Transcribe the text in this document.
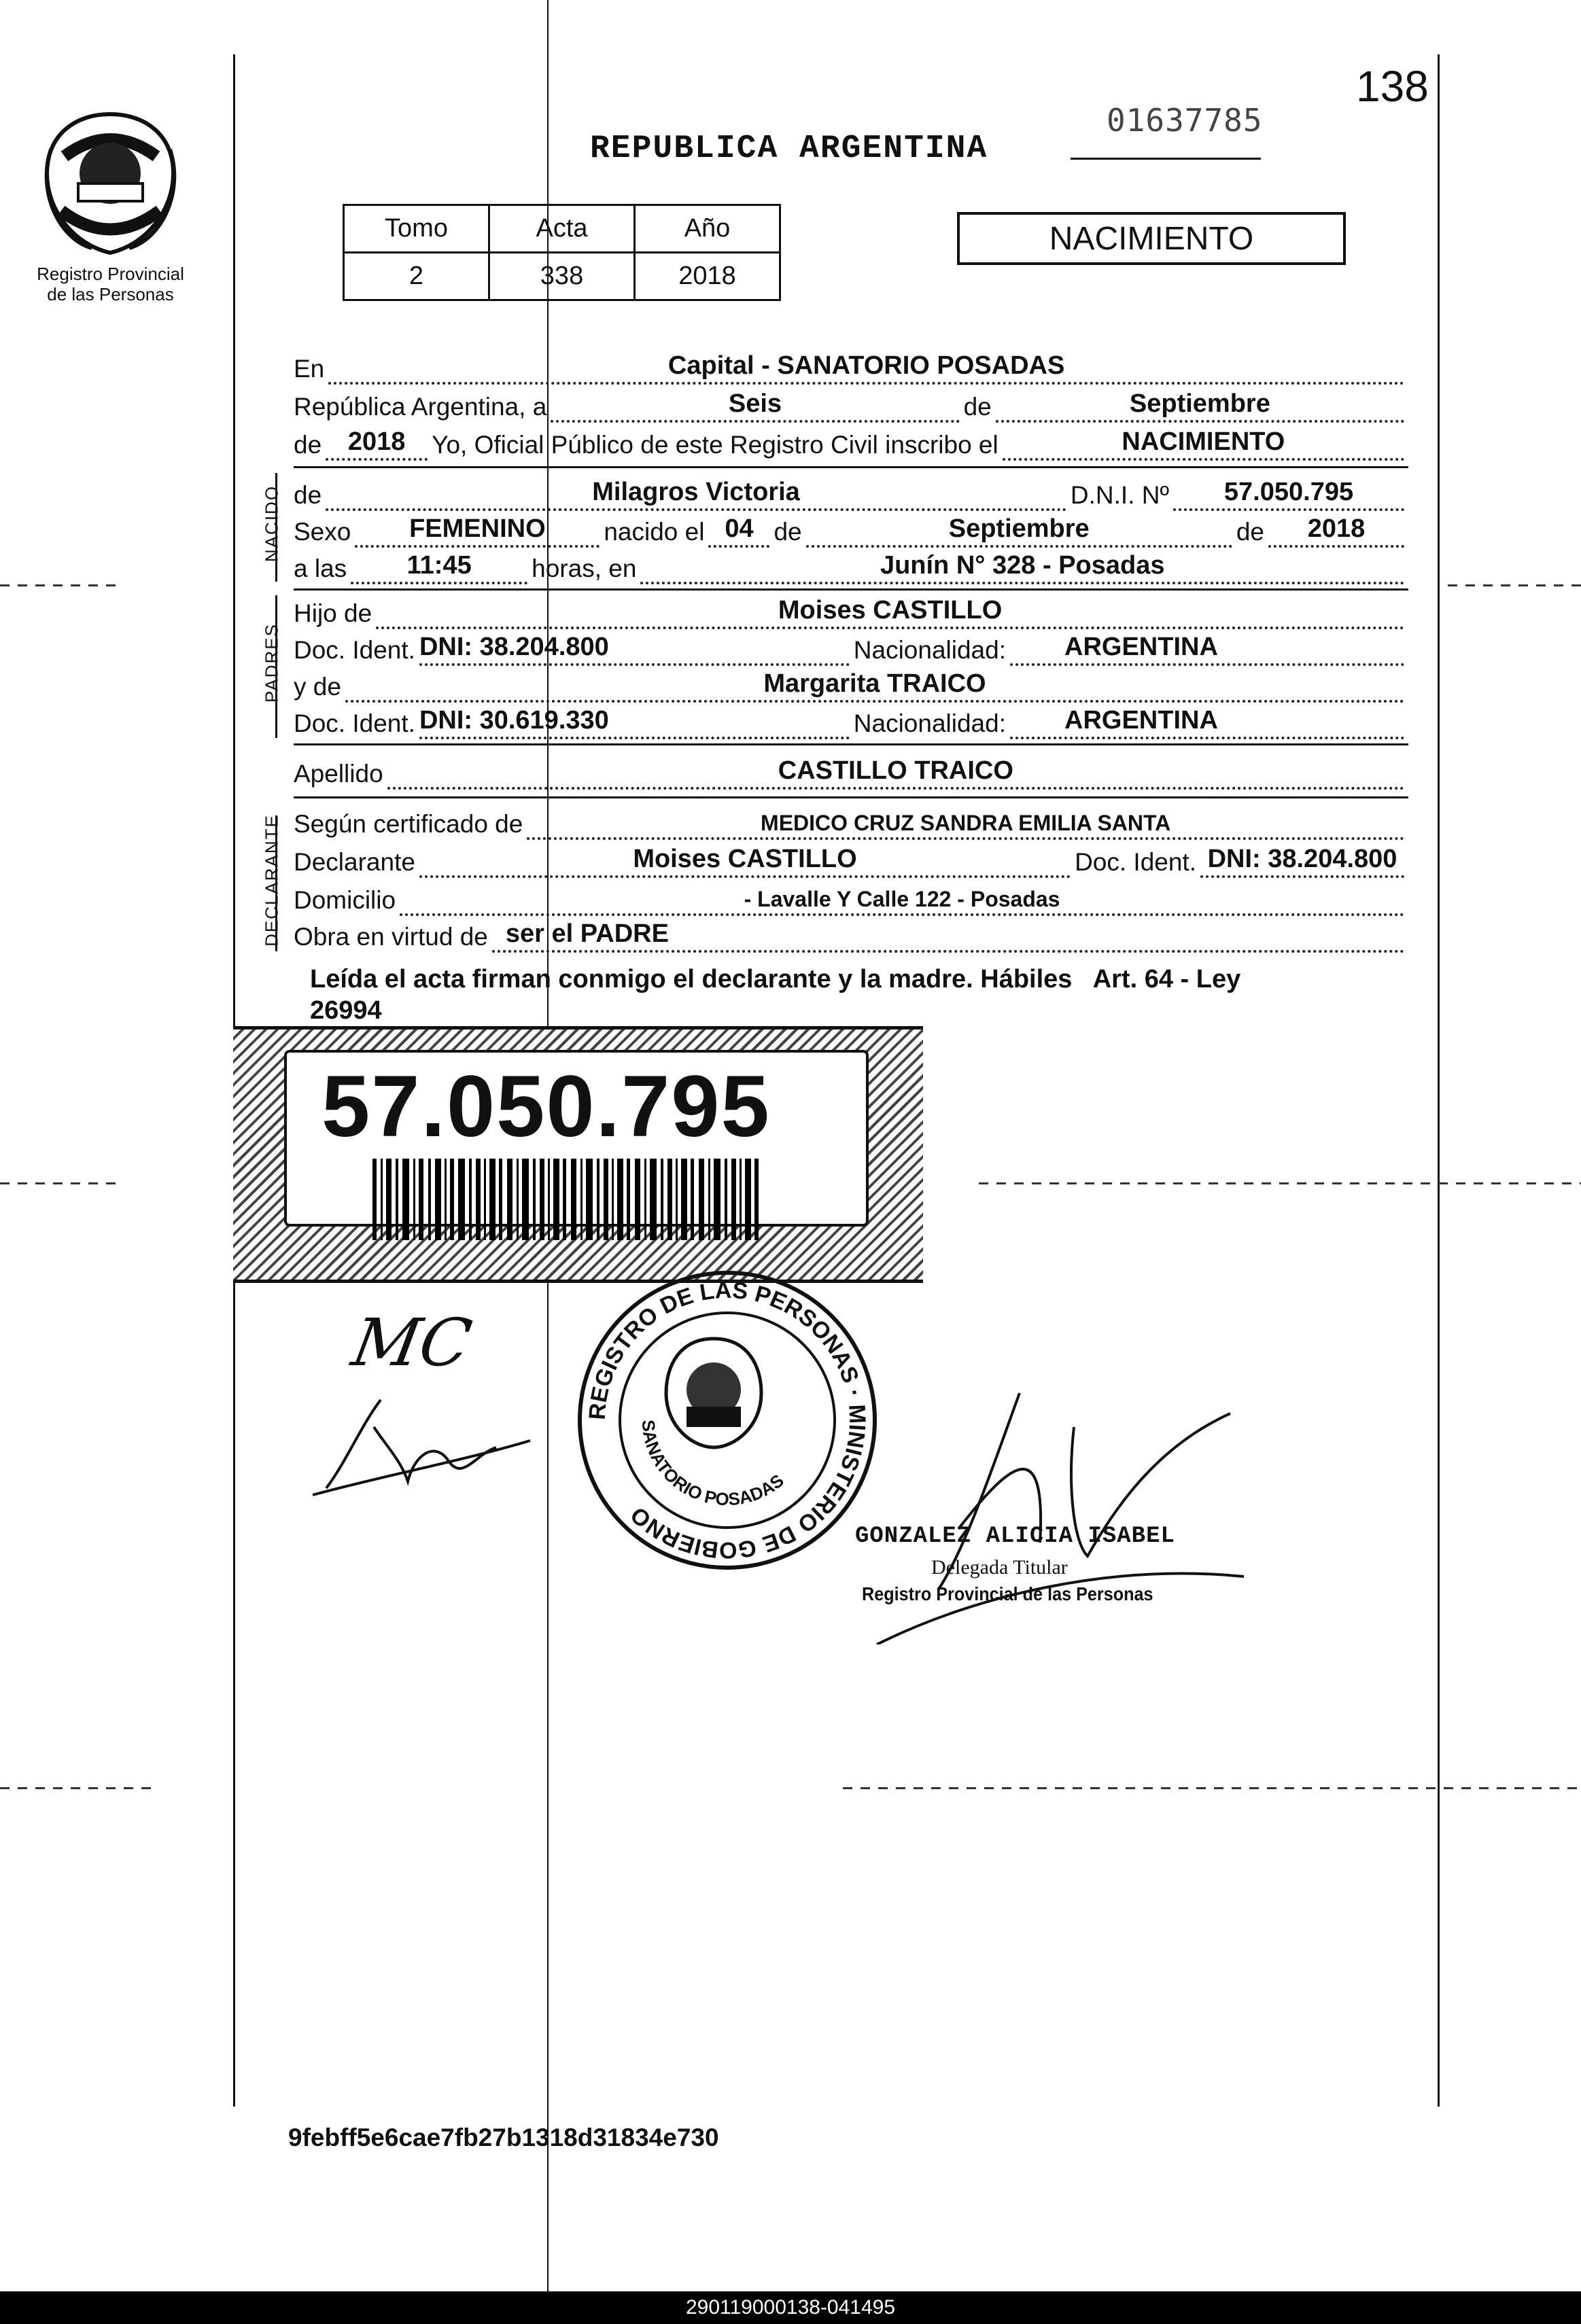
138
Registro Provincial
de las Personas
REPUBLICA ARGENTINA
01637785
Tomo	Acta	Año
2	338	2018
NACIMIENTO
En	Capital - SANATORIO POSADAS
República Argentina, a	Seis	de	Septiembre
de	2018	Yo, Oficial Público de este Registro Civil inscribo el	NACIMIENTO
NACIDO de	Milagros Victoria	D.N.I. Nº	57.050.795
Sexo	FEMENINO	nacido el 04 de	Septiembre	de	2018
a las	11:45	horas, en	Junín N° 328 - Posadas
PADRES
Hijo de	Moises CASTILLO
Doc. Ident. DNI: 38.204.800	Nacionalidad: ARGENTINA
y de	Margarita TRAICO
Doc. Ident. DNI: 30.619.330	Nacionalidad: ARGENTINA
Apellido	CASTILLO TRAICO
DECLARANTE Según certificado de	MEDICO CRUZ SANDRA EMILIA SANTA
Declarante	Moises CASTILLO	Doc. Ident. DNI: 38.204.800
Domicilio	- Lavalle Y Calle 122 - Posadas
Obra en virtud de ser el PADRE
Leída el acta firman conmigo el declarante y la madre. Hábiles   Art. 64 - Ley
26994
57.050.795
MC
REGISTRO DE LAS PERSONAS · MINISTERIO DE GOBIERNO
SANATORIO POSADAS
GONZALEZ ALICIA ISABEL
Delegada Titular
Registro Provincial de las Personas
9febff5e6cae7fb27b1318d31834e730
290119000138-041495
